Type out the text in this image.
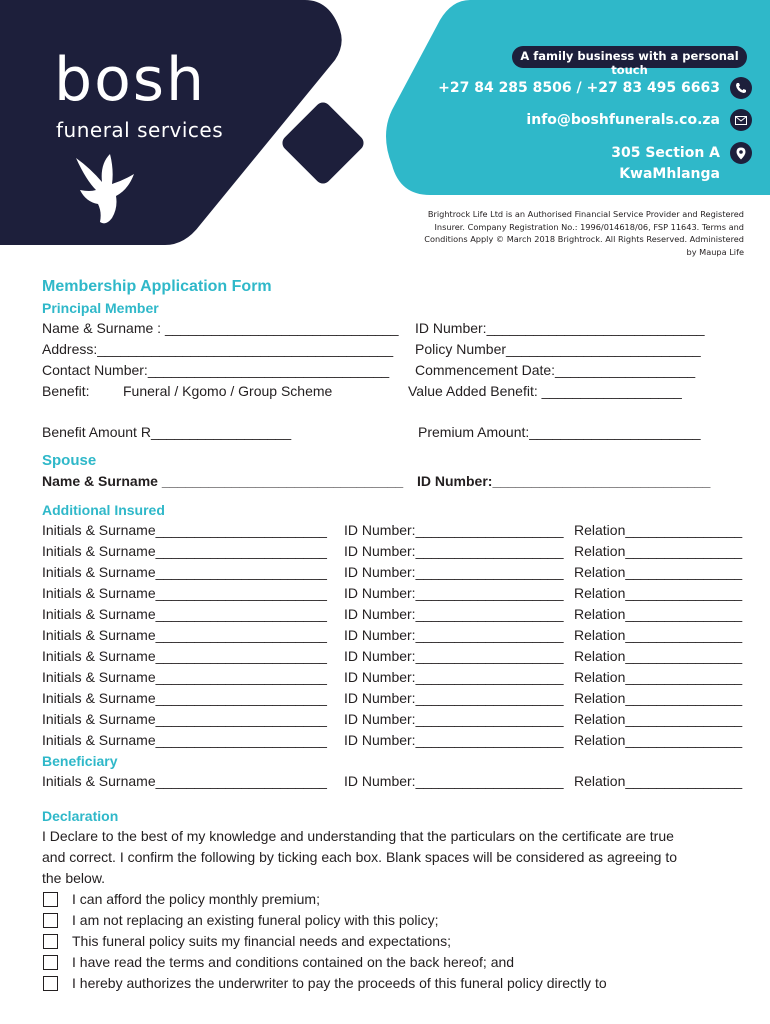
bosh
funeral services
A family business with a personal touch
+27 84 285 8506 / +27 83 495 6663
info@boshfunerals.co.za
305 Section A
KwaMhlanga
Brightrock Life Ltd is an Authorised Financial Service Provider and Registered Insurer. Company Registration No.: 1996/014618/06, FSP 11643. Terms and Conditions Apply © March 2018 Brightrock. All Rights Reserved. Administered by Maupa Life
Membership Application Form
Principal Member
Name & Surname : ______________________________ ID Number:____________________________
Address:______________________________________ Policy Number_________________________
Contact Number:_______________________________ Commencement Date:__________________
Benefit: Funeral / Kgomo / Group Scheme	Value Added Benefit: __________________
Benefit Amount R__________________	Premium Amount:______________________
Spouse
Name & Surname _______________________________ ID Number:____________________________
Additional Insured
Initials & Surname______________________ ID Number:___________________ Relation_______________
Initials & Surname______________________ ID Number:___________________ Relation_______________
Initials & Surname______________________ ID Number:___________________ Relation_______________
Initials & Surname______________________ ID Number:___________________ Relation_______________
Initials & Surname______________________ ID Number:___________________ Relation_______________
Initials & Surname______________________ ID Number:___________________ Relation_______________
Initials & Surname______________________ ID Number:___________________ Relation_______________
Initials & Surname______________________ ID Number:___________________ Relation_______________
Initials & Surname______________________ ID Number:___________________ Relation_______________
Initials & Surname______________________ ID Number:___________________ Relation_______________
Initials & Surname______________________ ID Number:___________________ Relation_______________
Beneficiary
Initials & Surname______________________ ID Number:___________________ Relation_______________
Declaration
I Declare to the best of my knowledge and understanding that the particulars on the certificate are true and correct. I confirm the following by ticking each box. Blank spaces will be considered as agreeing to the below.
I can afford the policy monthly premium;
I am not replacing an existing funeral policy with this policy;
This funeral policy suits my financial needs and expectations;
I have read the terms and conditions contained on the back hereof; and
I hereby authorizes the underwriter to pay the proceeds of this funeral policy directly to
